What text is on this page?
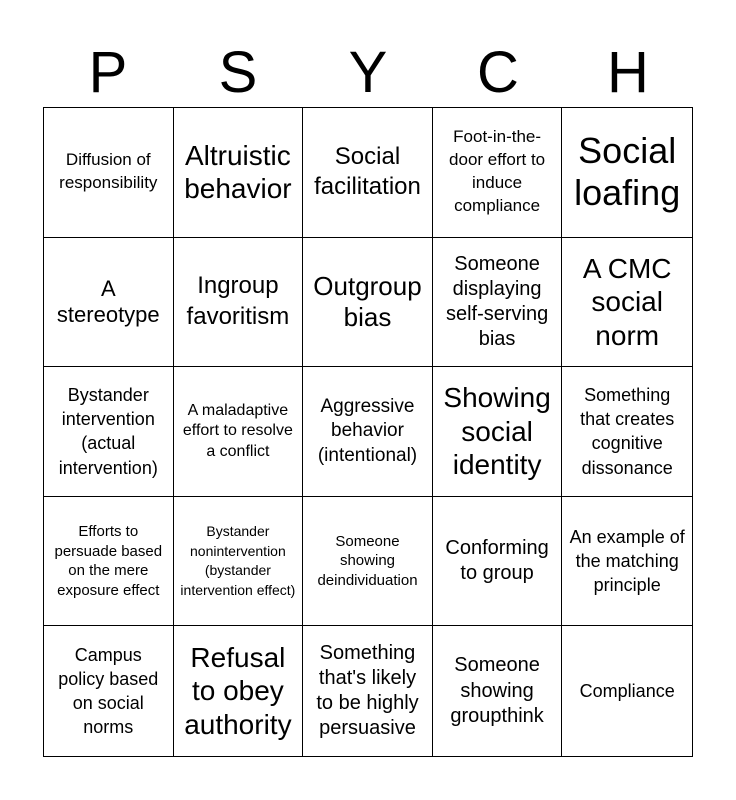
P	S	Y	C	H
Diffusion of responsibility
Altruistic behavior
Social facilitation
Foot-in-the-door effort to induce compliance
Social loafing
A stereotype
Ingroup favoritism
Outgroup bias
Someone displaying self-serving bias
A CMC social norm
Bystander intervention (actual intervention)
A maladaptive effort to resolve a conflict
Aggressive behavior (intentional)
Showing social identity
Something that creates cognitive dissonance
Efforts to persuade based on the mere exposure effect
Bystander nonintervention (bystander intervention effect)
Someone showing deindividuation
Conforming to group
An example of the matching principle
Campus policy based on social norms
Refusal to obey authority
Something that's likely to be highly persuasive
Someone showing groupthink
Compliance
